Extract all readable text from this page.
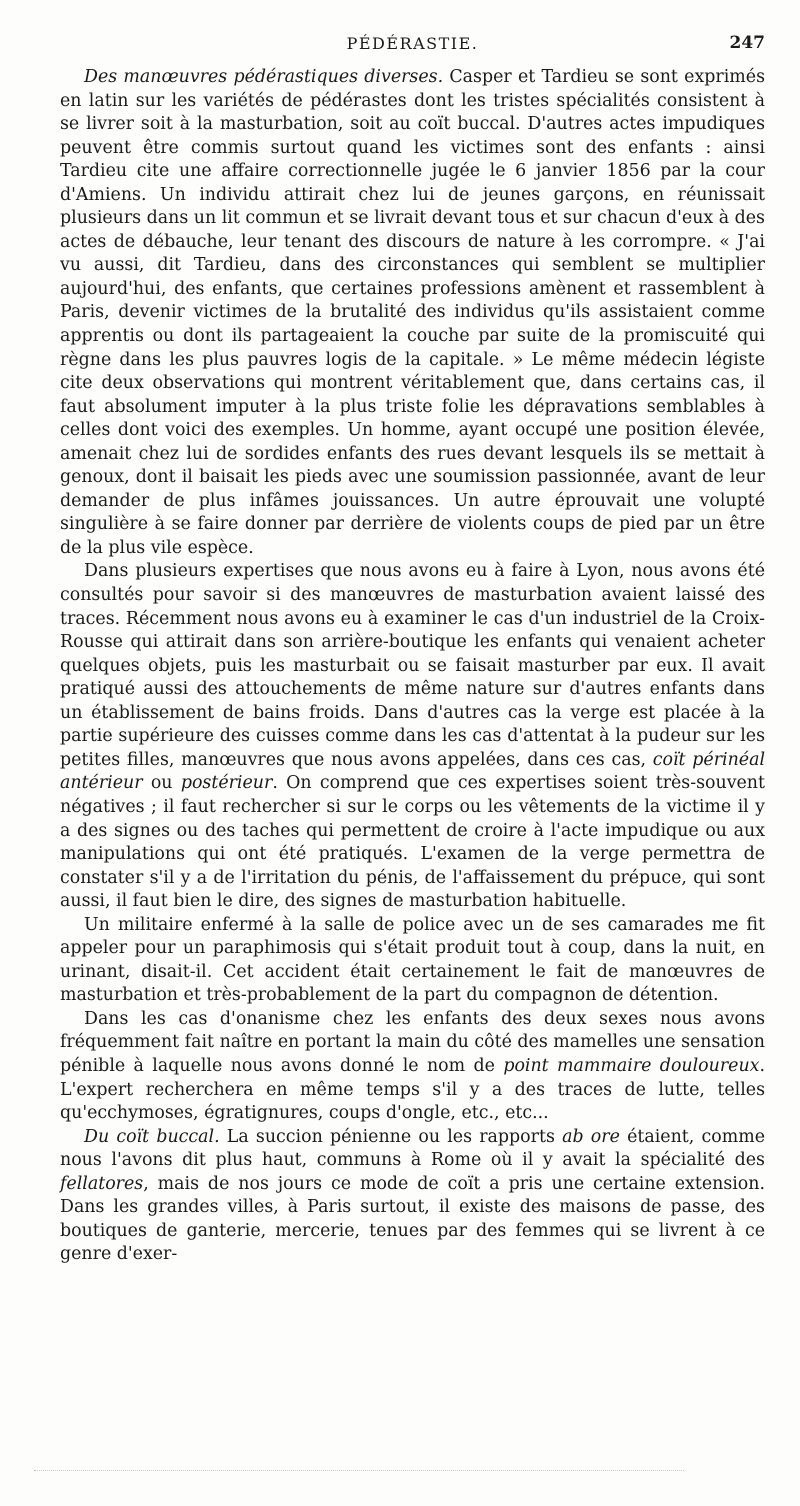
PÉDÉRASTIE.	247

Des manœuvres pédérastiques diverses. Casper et Tardieu se sont exprimés en latin sur les variétés de pédérastes dont les tristes spécialités consistent à se livrer soit à la masturbation, soit au coït buccal. D'autres actes impudiques peuvent être commis surtout quand les victimes sont des enfants : ainsi Tardieu cite une affaire correctionnelle jugée le 6 janvier 1856 par la cour d'Amiens. Un individu attirait chez lui de jeunes garçons, en réunissait plusieurs dans un lit commun et se livrait devant tous et sur chacun d'eux à des actes de débauche, leur tenant des discours de nature à les corrompre. « J'ai vu aussi, dit Tardieu, dans des circonstances qui semblent se multiplier aujourd'hui, des enfants, que certaines professions amènent et rassemblent à Paris, devenir victimes de la brutalité des individus qu'ils assistaient comme apprentis ou dont ils partageaient la couche par suite de la promiscuité qui règne dans les plus pauvres logis de la capitale. » Le même médecin légiste cite deux observations qui montrent véritablement que, dans certains cas, il faut absolument imputer à la plus triste folie les dépravations semblables à celles dont voici des exemples. Un homme, ayant occupé une position élevée, amenait chez lui de sordides enfants des rues devant lesquels ils se mettait à genoux, dont il baisait les pieds avec une soumission passionnée, avant de leur demander de plus infâmes jouissances. Un autre éprouvait une volupté singulière à se faire donner par derrière de violents coups de pied par un être de la plus vile espèce.

Dans plusieurs expertises que nous avons eu à faire à Lyon, nous avons été consultés pour savoir si des manœuvres de masturbation avaient laissé des traces. Récemment nous avons eu à examiner le cas d'un industriel de la Croix-Rousse qui attirait dans son arrière-boutique les enfants qui venaient acheter quelques objets, puis les masturbait ou se faisait masturber par eux. Il avait pratiqué aussi des attouchements de même nature sur d'autres enfants dans un établissement de bains froids. Dans d'autres cas la verge est placée à la partie supérieure des cuisses comme dans les cas d'attentat à la pudeur sur les petites filles, manœuvres que nous avons appelées, dans ces cas, coït périnéal antérieur ou postérieur. On comprend que ces expertises soient très-souvent négatives ; il faut rechercher si sur le corps ou les vêtements de la victime il y a des signes ou des taches qui permettent de croire à l'acte impudique ou aux manipulations qui ont été pratiqués. L'examen de la verge permettra de constater s'il y a de l'irritation du pénis, de l'affaissement du prépuce, qui sont aussi, il faut bien le dire, des signes de masturbation habituelle.

Un militaire enfermé à la salle de police avec un de ses camarades me fit appeler pour un paraphimosis qui s'était produit tout à coup, dans la nuit, en urinant, disait-il. Cet accident était certainement le fait de manœuvres de masturbation et très-probablement de la part du compagnon de détention.

Dans les cas d'onanisme chez les enfants des deux sexes nous avons fréquemment fait naître en portant la main du côté des mamelles une sensation pénible à laquelle nous avons donné le nom de point mammaire douloureux. L'expert recherchera en même temps s'il y a des traces de lutte, telles qu'ecchymoses, égratignures, coups d'ongle, etc., etc...

Du coït buccal. La succion pénienne ou les rapports ab ore étaient, comme nous l'avons dit plus haut, communs à Rome où il y avait la spécialité des fellatores, mais de nos jours ce mode de coït a pris une certaine extension. Dans les grandes villes, à Paris surtout, il existe des maisons de passe, des boutiques de ganterie, mercerie, tenues par des femmes qui se livrent à ce genre d'exer-
